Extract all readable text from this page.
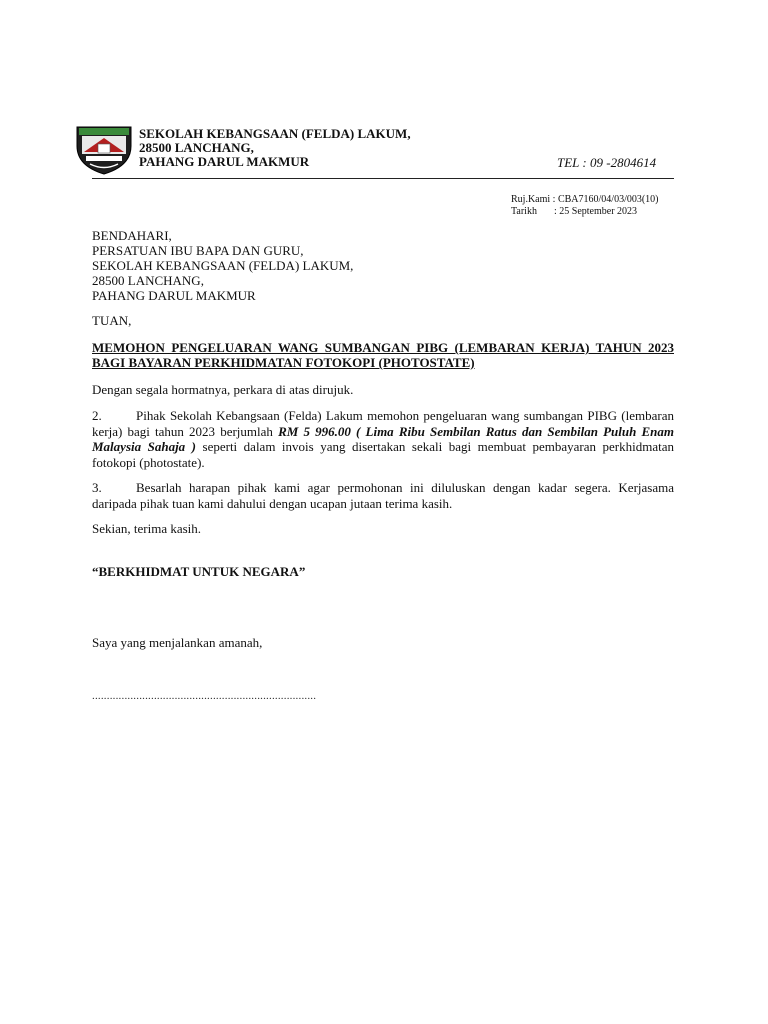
SEKOLAH KEBANGSAAN (FELDA) LAKUM,
28500 LANCHANG,
PAHANG DARUL MAKMUR	TEL : 09 -2804614
Ruj.Kami : CBA7160/04/03/003(10)
Tarikh	: 25 September 2023
BENDAHARI,
PERSATUAN IBU BAPA DAN GURU,
SEKOLAH KEBANGSAAN (FELDA) LAKUM,
28500 LANCHANG,
PAHANG DARUL MAKMUR
TUAN,
MEMOHON PENGELUARAN WANG SUMBANGAN PIBG (LEMBARAN KERJA) TAHUN 2023 BAGI BAYARAN PERKHIDMATAN FOTOKOPI (PHOTOSTATE)
Dengan segala hormatnya, perkara di atas dirujuk.
2.	Pihak Sekolah Kebangsaan (Felda) Lakum memohon pengeluaran wang sumbangan PIBG (lembaran kerja) bagi tahun 2023 berjumlah RM 5 996.00 ( Lima Ribu Sembilan Ratus dan Sembilan Puluh Enam Malaysia Sahaja ) seperti dalam invois yang disertakan sekali bagi membuat pembayaran perkhidmatan fotokopi (photostate).
3.	Besarlah harapan pihak kami agar permohonan ini diluluskan dengan kadar segera. Kerjasama daripada pihak tuan kami dahului dengan ucapan jutaan terima kasih.
Sekian, terima kasih.
“BERKHIDMAT UNTUK NEGARA”
Saya yang menjalankan amanah,
............................................................................
